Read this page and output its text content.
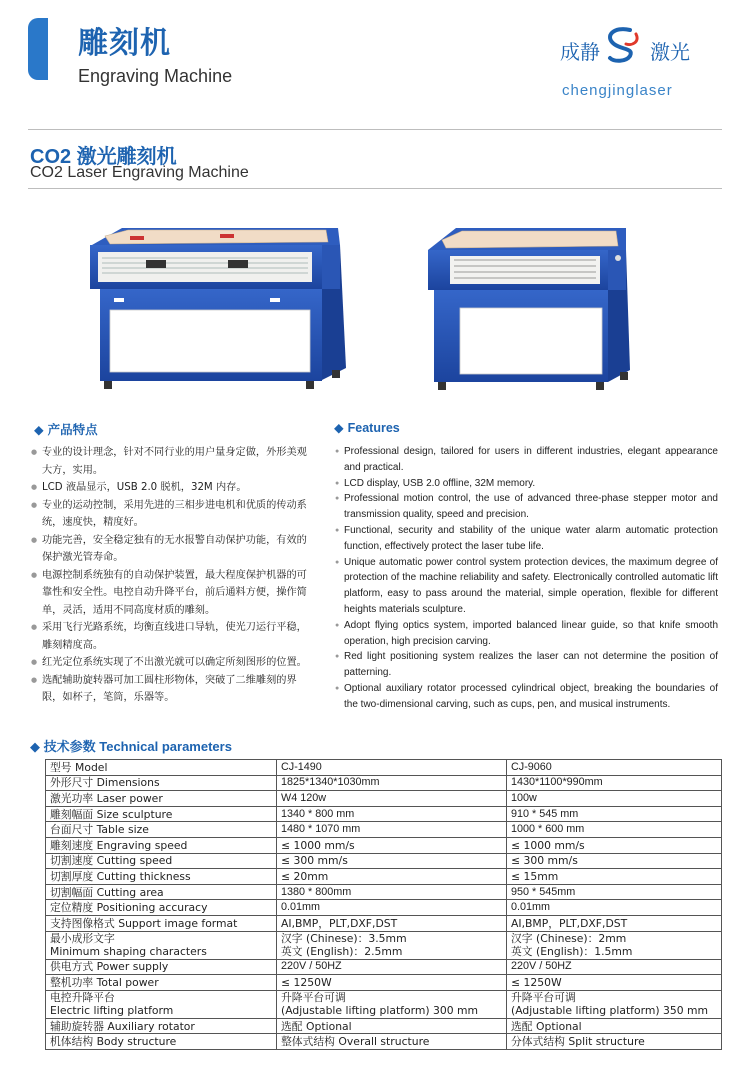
雕刻机
Engraving Machine
成静	激光
chengjinglaser
CO2 激光雕刻机
CO2 Laser Engraving Machine
◆ 产品特点
● 专业的设计理念，针对不同行业的用户量身定做，外形美观大方，实用。
● LCD 液晶显示，USB 2.0 脱机，32M 内存。
● 专业的运动控制，采用先进的三相步进电机和优质的传动系统，速度快，精度好。
● 功能完善，安全稳定独有的无水报警自动保护功能，有效的保护激光管寿命。
● 电源控制系统独有的自动保护装置，最大程度保护机器的可靠性和安全性。电控自动升降平台，前后通料方便，操作简单，灵活，适用不同高度材质的雕刻。
● 采用飞行光路系统，均衡直线进口导轨，使光刀运行平稳，雕刻精度高。
● 红光定位系统实现了不出激光就可以确定所刻图形的位置。
● 选配辅助旋转器可加工圆柱形物体，突破了二维雕刻的界限，如杯子，笔筒，乐器等。
◆ Features
● Professional design, tailored for users in different industries, elegant appearance and practical.
● LCD display, USB 2.0 offline, 32M memory.
● Professional motion control, the use of advanced three-phase stepper motor and transmission quality, speed and precision.
● Functional, security and stability of the unique water alarm automatic protection function, effectively protect the laser tube life.
● Unique automatic power control system protection devices, the maximum degree of protection of the machine reliability and safety. Electronically controlled automatic lift platform, easy to pass around the material, simple operation, flexible for different heights materials sculpture.
● Adopt flying optics system, imported balanced linear guide, so that knife smooth operation, high precision carving.
● Red light positioning system realizes the laser can not determine the position of patterning.
● Optional auxiliary rotator processed cylindrical object, breaking the boundaries of the two-dimensional carving, such as cups, pen, and musical instruments.
◆ 技术参数 Technical parameters
型号 Model	CJ-1490	CJ-9060
外形尺寸 Dimensions	1825*1340*1030mm	1430*1100*990mm
激光功率 Laser power	W4 120w	100w
雕刻幅面 Size sculpture	1340 * 800 mm	910 * 545 mm
台面尺寸 Table size	1480 * 1070 mm	1000 * 600 mm
雕刻速度 Engraving speed	≤ 1000 mm/s	≤ 1000 mm/s
切割速度 Cutting speed	≤ 300 mm/s	≤ 300 mm/s
切割厚度 Cutting thickness	≤ 20mm	≤ 15mm
切割幅面 Cutting area	1380 * 800mm	950 * 545mm
定位精度 Positioning accuracy	0.01mm	0.01mm
支持图像格式 Support image format	AI,BMP，PLT,DXF,DST	AI,BMP，PLT,DXF,DST

最小成形文字
Minimum shaping characters	汉字 (Chinese)：3.5mm
英文 (English)：2.5mm	汉字 (Chinese)：2mm
英文 (English)：1.5mm

供电方式 Power supply	220V / 50HZ	220V / 50HZ
整机功率 Total power	≤ 1250W	≤ 1250W

电控升降平台
Electric lifting platform	升降平台可调
(Adjustable lifting platform) 300 mm	升降平台可调
(Adjustable lifting platform) 350 mm

辅助旋转器 Auxiliary rotator	选配 Optional	选配 Optional
机体结构 Body structure	整体式结构 Overall structure	分体式结构 Split structure
